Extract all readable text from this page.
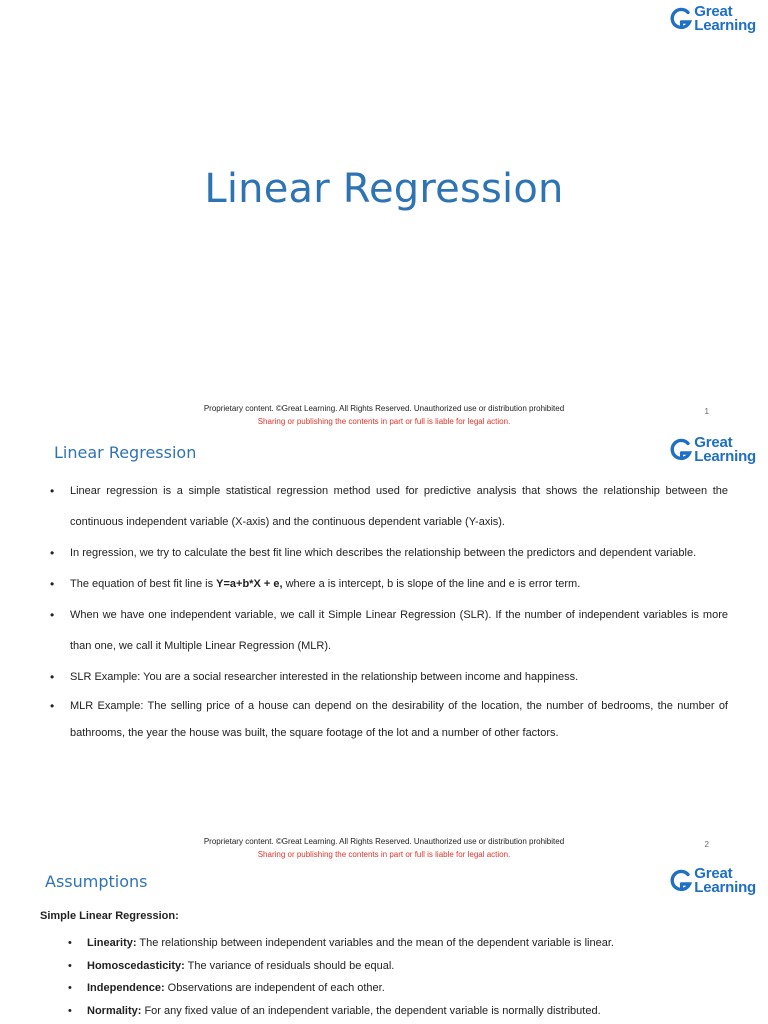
Great
Learning
Linear Regression
Proprietary content. ©Great Learning. All Rights Reserved. Unauthorized use or distribution prohibited
Sharing or publishing the contents in part or full is liable for legal action.
1
Linear Regression
Great
Learning
• Linear regression is a simple statistical regression method used for predictive analysis that shows the relationship between the continuous independent variable (X-axis) and the continuous dependent variable (Y-axis).
• In regression, we try to calculate the best fit line which describes the relationship between the predictors and dependent variable.
• The equation of best fit line is Y=a+b*X + e, where a is intercept, b is slope of the line and e is error term.
• When we have one independent variable, we call it Simple Linear Regression (SLR). If the number of independent variables is more than one, we call it Multiple Linear Regression (MLR).
• SLR Example: You are a social researcher interested in the relationship between income and happiness.
• MLR Example: The selling price of a house can depend on the desirability of the location, the number of bedrooms, the number of bathrooms, the year the house was built, the square footage of the lot and a number of other factors.
Proprietary content. ©Great Learning. All Rights Reserved. Unauthorized use or distribution prohibited
Sharing or publishing the contents in part or full is liable for legal action.
2
Assumptions	Great
Learning
Simple Linear Regression:
• Linearity: The relationship between independent variables and the mean of the dependent variable is linear.
• Homoscedasticity: The variance of residuals should be equal.
• Independence: Observations are independent of each other.
• Normality: For any fixed value of an independent variable, the dependent variable is normally distributed.
